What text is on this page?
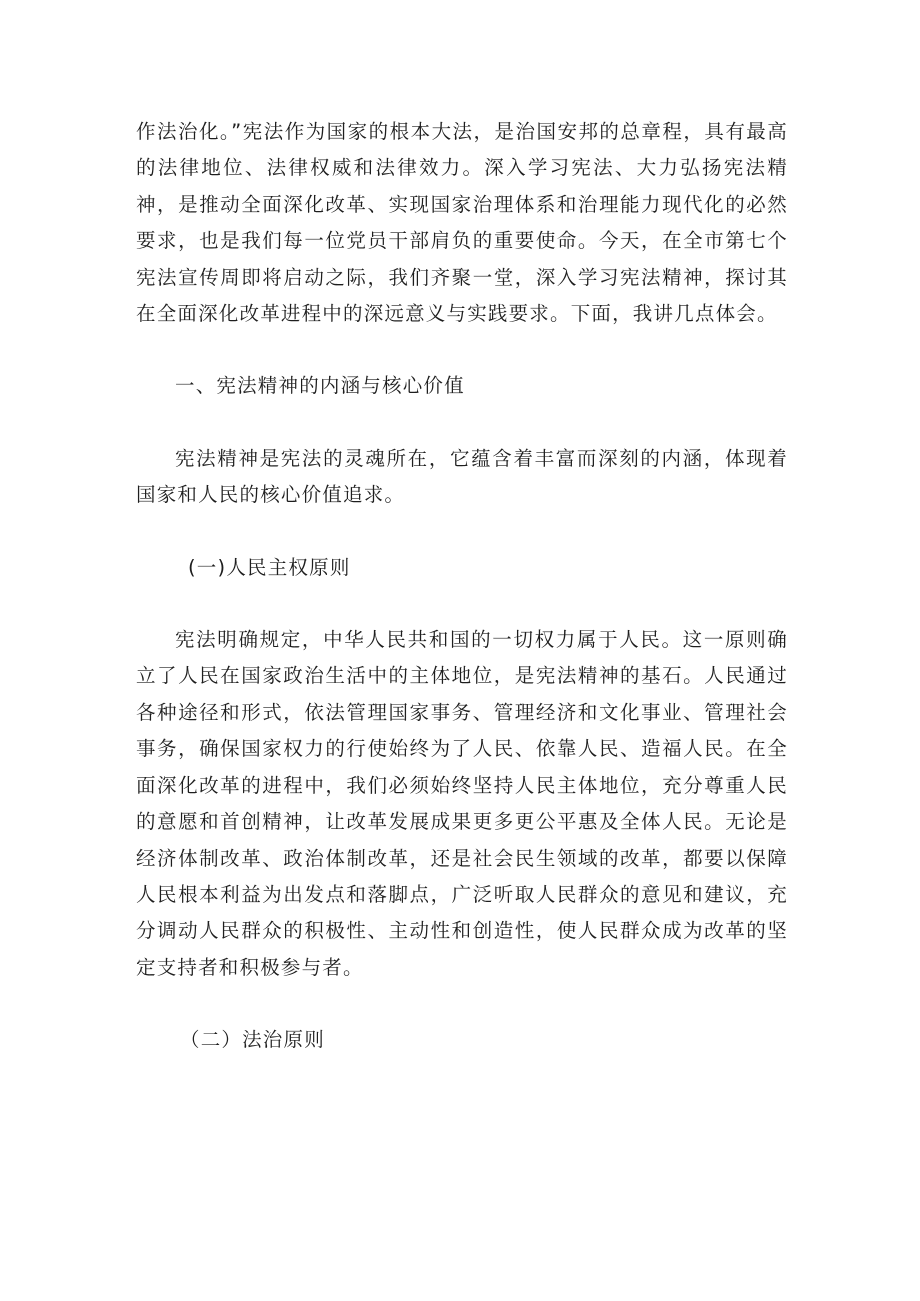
作法治化。”宪法作为国家的根本大法，是治国安邦的总章程，具有最高的法律地位、法律权威和法律效力。深入学习宪法、大力弘扬宪法精神，是推动全面深化改革、实现国家治理体系和治理能力现代化的必然要求，也是我们每一位党员干部肩负的重要使命。今天，在全市第七个宪法宣传周即将启动之际，我们齐聚一堂，深入学习宪法精神，探讨其在全面深化改革进程中的深远意义与实践要求。下面，我讲几点体会。

一、宪法精神的内涵与核心价值

宪法精神是宪法的灵魂所在，它蕴含着丰富而深刻的内涵，体现着国家和人民的核心价值追求。

(一)人民主权原则

宪法明确规定，中华人民共和国的一切权力属于人民。这一原则确立了人民在国家政治生活中的主体地位，是宪法精神的基石。人民通过各种途径和形式，依法管理国家事务、管理经济和文化事业、管理社会事务，确保国家权力的行使始终为了人民、依靠人民、造福人民。在全面深化改革的进程中，我们必须始终坚持人民主体地位，充分尊重人民的意愿和首创精神，让改革发展成果更多更公平惠及全体人民。无论是经济体制改革、政治体制改革，还是社会民生领域的改革，都要以保障人民根本利益为出发点和落脚点，广泛听取人民群众的意见和建议，充分调动人民群众的积极性、主动性和创造性，使人民群众成为改革的坚定支持者和积极参与者。

（二）法治原则
